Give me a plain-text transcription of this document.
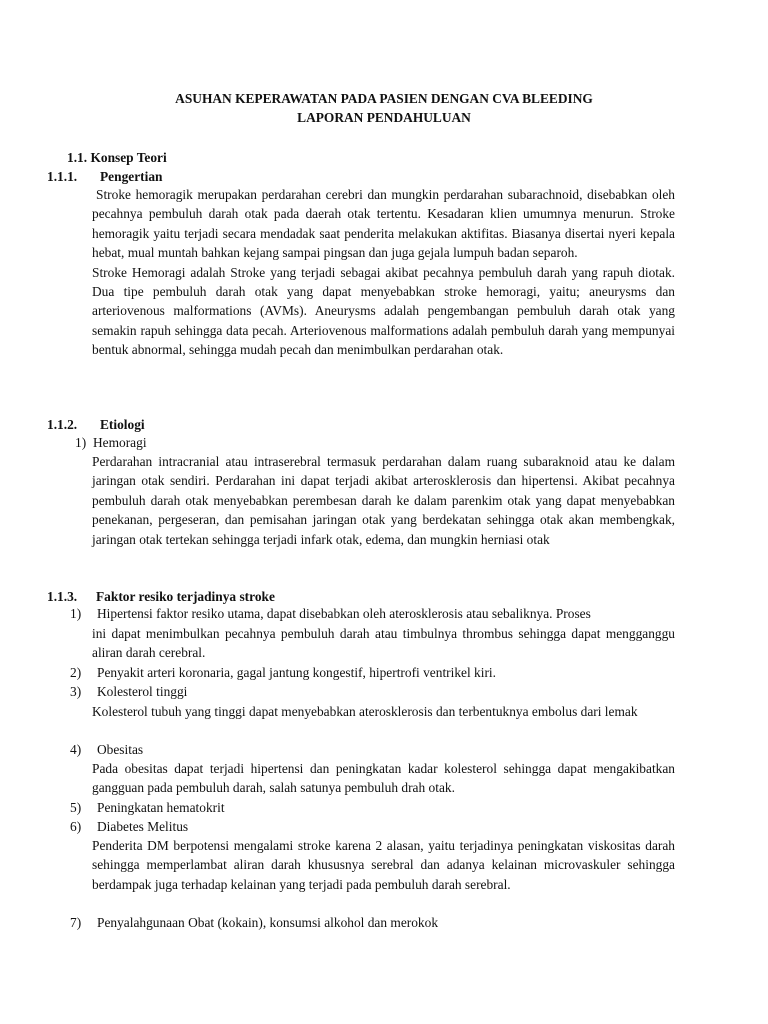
ASUHAN KEPERAWATAN PADA PASIEN DENGAN CVA BLEEDING
LAPORAN PENDAHULUAN
1.1. Konsep Teori
1.1.1. Pengertian

Stroke hemoragik merupakan perdarahan cerebri dan mungkin perdarahan subarachnoid, disebabkan oleh pecahnya pembuluh darah otak pada daerah otak tertentu. Kesadaran klien umumnya menurun. Stroke hemoragik yaitu terjadi secara mendadak saat penderita melakukan aktifitas. Biasanya disertai nyeri kepala hebat, mual muntah bahkan kejang sampai pingsan dan juga gejala lumpuh badan separoh.

Stroke Hemoragi adalah Stroke yang terjadi sebagai akibat pecahnya pembuluh darah yang rapuh diotak. Dua tipe pembuluh darah otak yang dapat menyebabkan stroke hemoragi, yaitu; aneurysms dan arteriovenous malformations (AVMs). Aneurysms adalah pengembangan pembuluh darah otak yang semakin rapuh sehingga data pecah. Arteriovenous malformations adalah pembuluh darah yang mempunyai bentuk abnormal, sehingga mudah pecah dan menimbulkan perdarahan otak.

1.1.2. Etiologi
1) Hemoragi

Perdarahan intracranial atau intraserebral termasuk perdarahan dalam ruang subaraknoid atau ke dalam jaringan otak sendiri. Perdarahan ini dapat terjadi akibat arterosklerosis dan hipertensi. Akibat pecahnya pembuluh darah otak menyebabkan perembesan darah ke dalam parenkim otak yang dapat menyebabkan penekanan, pergeseran, dan pemisahan jaringan otak yang berdekatan sehingga otak akan membengkak, jaringan otak tertekan sehingga terjadi infark otak, edema, dan mungkin herniasi otak

1.1.3. Faktor resiko terjadinya stroke
1) Hipertensi faktor resiko utama, dapat disebabkan oleh aterosklerosis atau sebaliknya. Proses
ini dapat menimbulkan pecahnya pembuluh darah atau timbulnya thrombus sehingga dapat mengganggu aliran darah cerebral.
2) Penyakit arteri koronaria, gagal jantung kongestif, hipertrofi ventrikel kiri.
3) Kolesterol tinggi
Kolesterol tubuh yang tinggi dapat menyebabkan aterosklerosis dan terbentuknya embolus dari lemak
4) Obesitas
Pada obesitas dapat terjadi hipertensi dan peningkatan kadar kolesterol sehingga dapat mengakibatkan gangguan pada pembuluh darah, salah satunya pembuluh drah otak.
5) Peningkatan hematokrit
6) Diabetes Melitus
Penderita DM berpotensi mengalami stroke karena 2 alasan, yaitu terjadinya peningkatan viskositas darah sehingga memperlambat aliran darah khususnya serebral dan adanya kelainan microvaskuler sehingga berdampak juga terhadap kelainan yang terjadi pada pembuluh darah serebral.
7) Penyalahgunaan Obat (kokain), konsumsi alkohol dan merokok
